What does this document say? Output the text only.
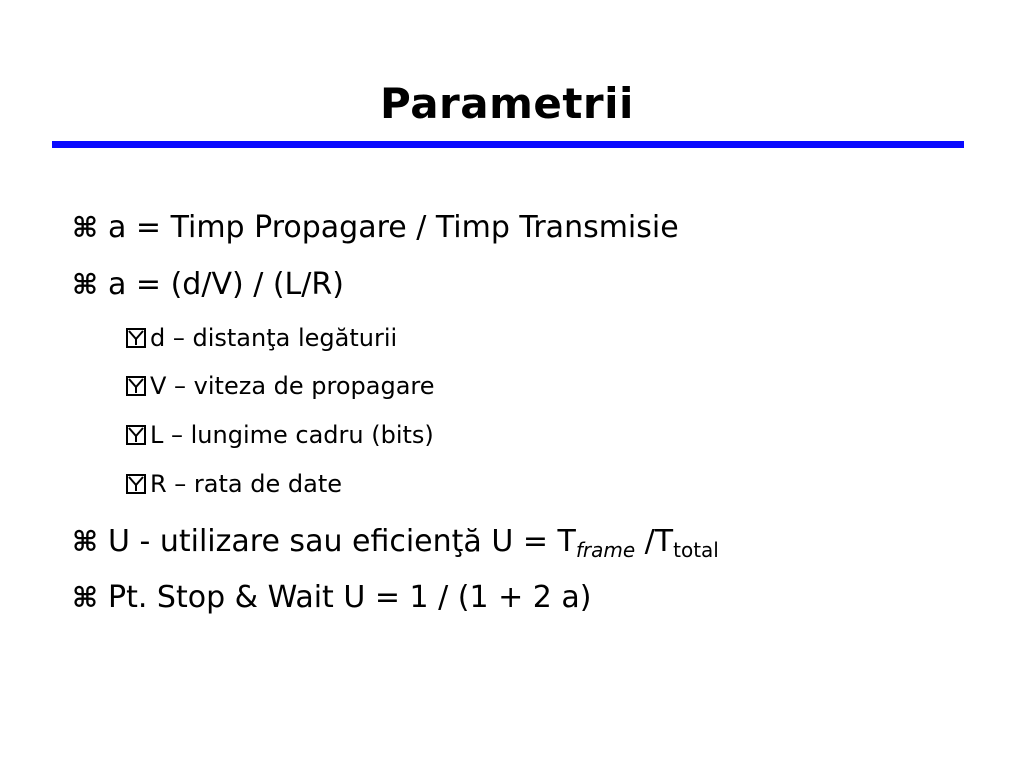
Parametrii
⌘ a = Timp Propagare / Timp Transmisie
⌘ a = (d/V) / (L/R)
d – distanţa legăturii
V – viteza de propagare
L – lungime cadru (bits)
R – rata de date
⌘ U - utilizare sau eficienţă $U = T_{frame}$ $/T_{total}$
⌘ Pt. Stop & Wait U = 1 / (1 + 2 a)
